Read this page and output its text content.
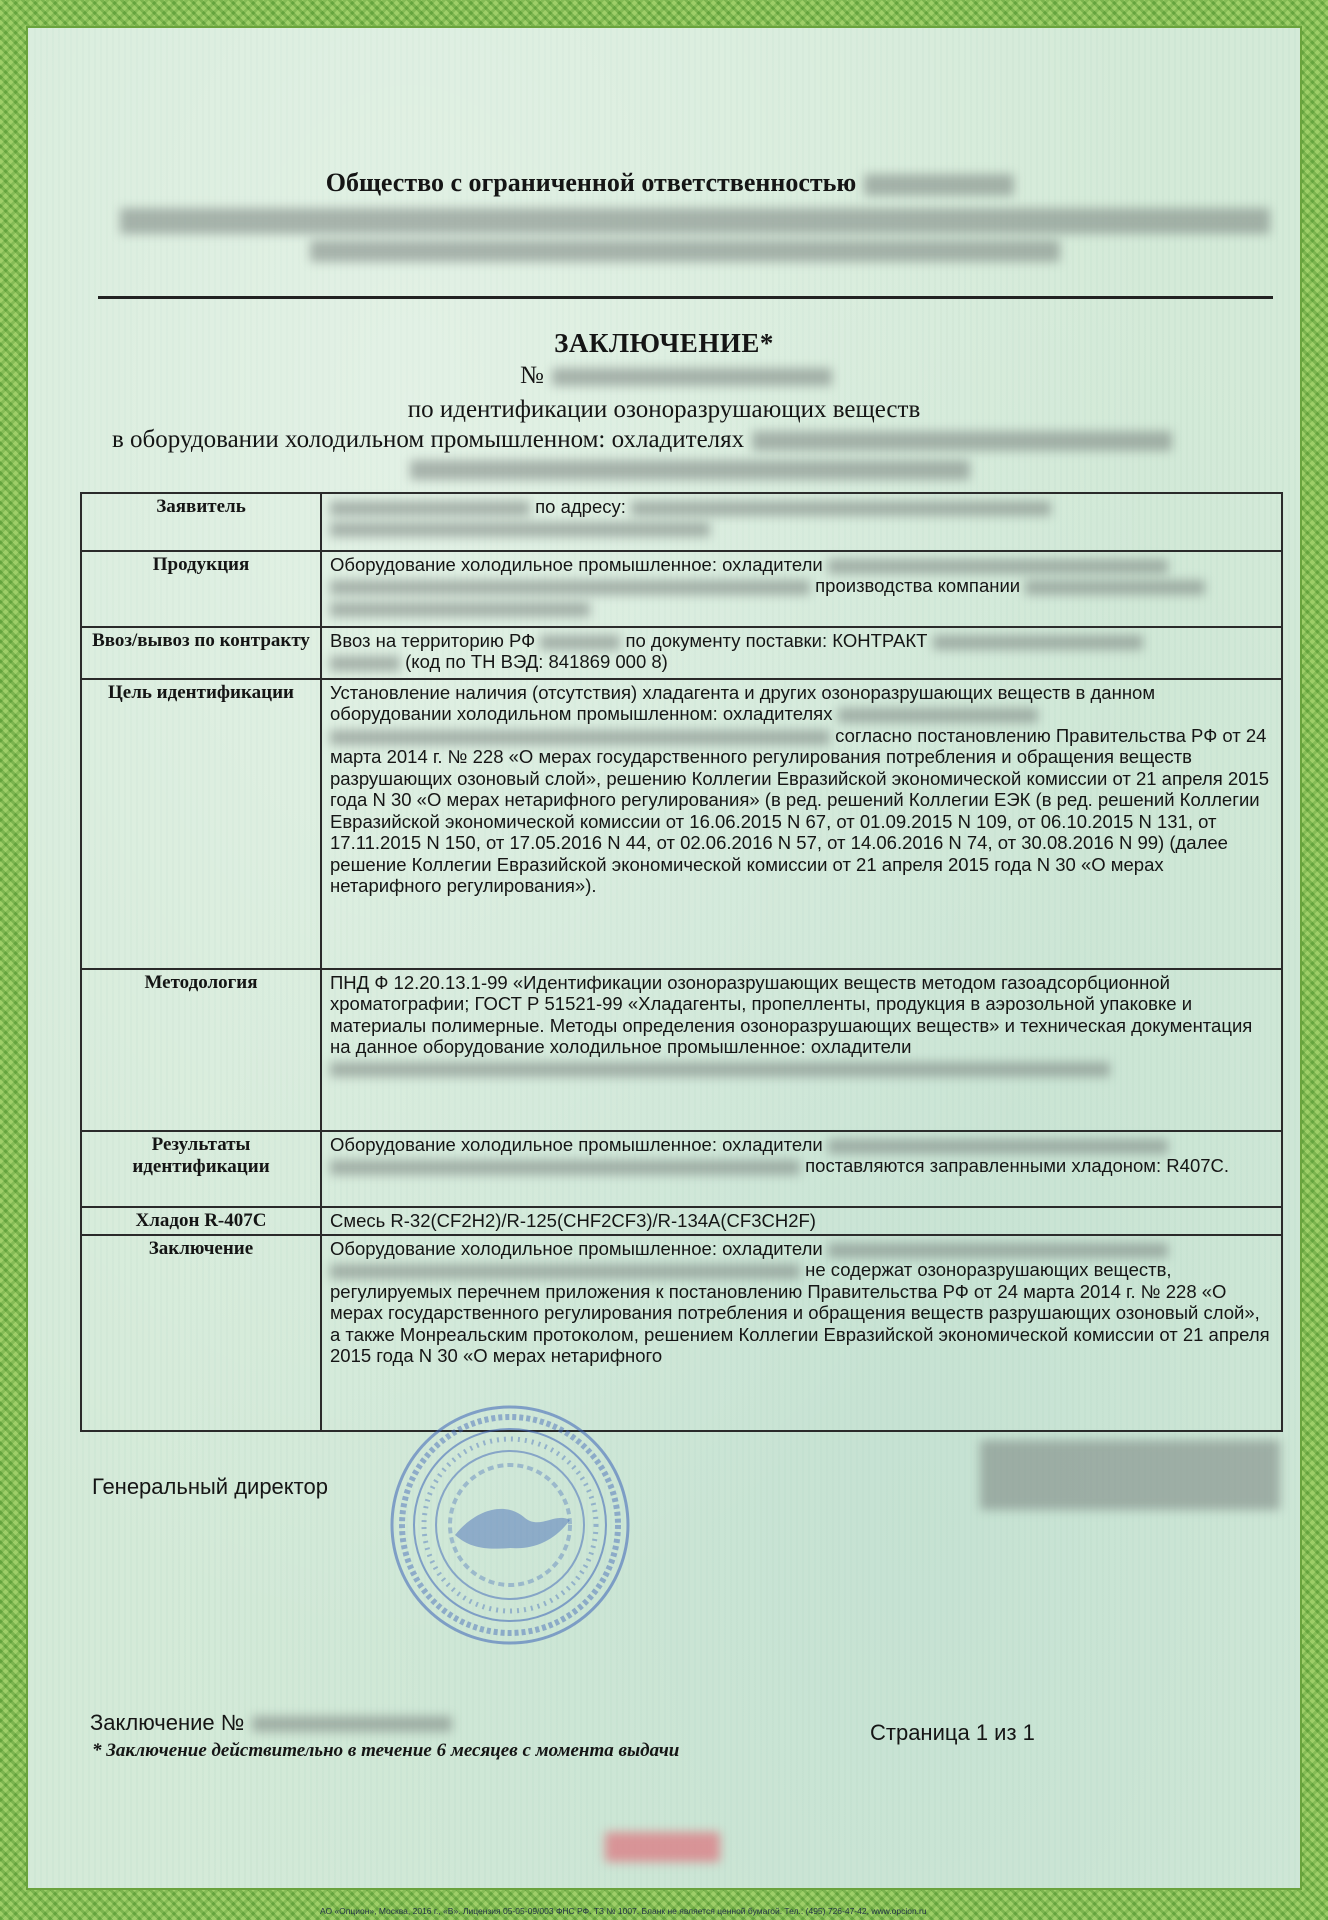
Общество с ограниченной ответственностью
ЗАКЛЮЧЕНИЕ*
№
по идентификации озоноразрушающих веществ
в оборудовании холодильном промышленном: охладителях
Заявитель	по адресу:

Продукция	Оборудование холодильное промышленное: охладители
производства компании

Ввоз/вывоз по контракту	Ввоз на территорию РФ по документу поставки: КОНТРАКТ
(код по ТН ВЭД: 841869 000 8)
Цель идентификации	Установление наличия (отсутствия) хладагента и других озоноразрушающих веществ в данном оборудовании холодильном промышленном: охладителях   согласно постановлению Правительства РФ от 24 марта 2014 г. № 228 «О мерах государственного регулирования потребления и обращения веществ разрушающих озоновый слой», решению Коллегии Евразийской экономической комиссии от 21 апреля 2015 года N 30 «О мерах нетарифного регулирования» (в ред. решений Коллегии ЕЭК (в ред. решений Коллегии Евразийской экономической комиссии от 16.06.2015 N 67, от 01.09.2015 N 109, от 06.10.2015 N 131, от 17.11.2015 N 150, от 17.05.2016 N 44, от 02.06.2016 N 57, от 14.06.2016 N 74, от 30.08.2016 N 99) (далее решение Коллегии Евразийской экономической комиссии от 21 апреля 2015 года N 30 «О мерах нетарифного регулирования»).
Методология	ПНД Ф 12.20.13.1-99 «Идентификации озоноразрушающих веществ методом газоадсорбционной хроматографии; ГОСТ Р 51521-99 «Хладагенты, пропелленты, продукция в аэрозольной упаковке и материалы полимерные. Методы определения озоноразрушающих веществ» и техническая документация на данное оборудование холодильное промышленное: охладители
Результаты идентификации	Оборудование холодильное промышленное: охладители
поставляются заправленными хладоном: R407C.
Хладон R-407C	Смесь R-32(CF2H2)/R-125(CHF2CF3)/R-134A(CF3CH2F)
Заключение	Оборудование холодильное промышленное: охладители
не содержат озоноразрушающих веществ, регулируемых перечнем приложения к постановлению Правительства РФ от 24 марта 2014 г. № 228 «О мерах государственного регулирования потребления и обращения веществ разрушающих озоновый слой», а также Монреальским протоколом, решением Коллегии Евразийской экономической комиссии от 21 апреля 2015 года N 30 «О мерах нетарифного
Генеральный директор
Заключение №	Страница 1 из 1
* Заключение действительно в течение 6 месяцев с момента выдачи
АО «Опцион», Москва, 2016 г., «В». Лицензия 05-05-09/003 ФНС РФ. ТЗ № 1007. Бланк не является ценной бумагой. Тел.: (495) 726-47-42, www.opcion.ru
